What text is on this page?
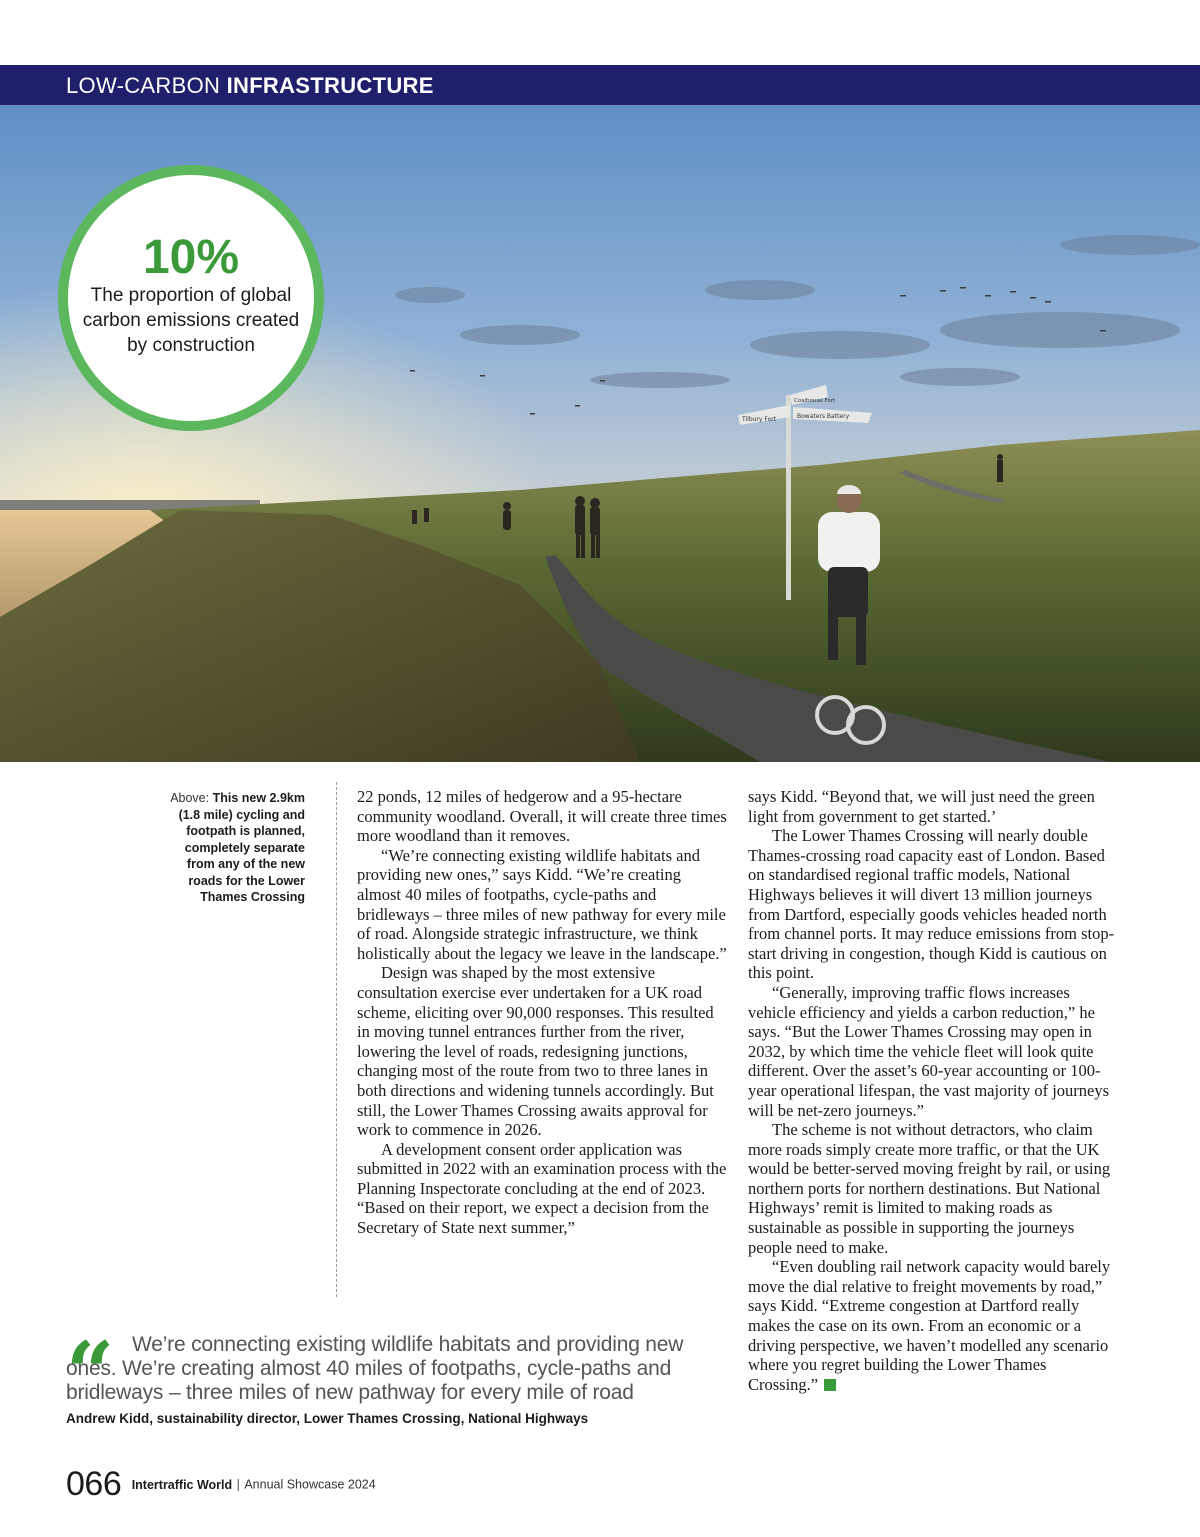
LOW-CARBON INFRASTRUCTURE
Tilbury Fort	Bowaters Battery
Coalhouse Fort
10%
The proportion of global carbon emissions created by construction
Above: This new 2.9km (1.8 mile) cycling and footpath is planned, completely separate from any of the new roads for the Lower Thames Crossing

22 ponds, 12 miles of hedgerow and a 95-hectare community woodland. Overall, it will create three times more woodland than it removes.

“We’re connecting existing wildlife habitats and providing new ones,” says Kidd. “We’re creating almost 40 miles of footpaths, cycle-paths and bridleways – three miles of new pathway for every mile of road. Alongside strategic infrastructure, we think holistically about the legacy we leave in the landscape.”

Design was shaped by the most extensive consultation exercise ever undertaken for a UK road scheme, eliciting over 90,000 responses. This resulted in moving tunnel entrances further from the river, lowering the level of roads, redesigning junctions, changing most of the route from two to three lanes in both directions and widening tunnels accordingly. But still, the Lower Thames Crossing awaits approval for work to commence in 2026.

A development consent order application was submitted in 2022 with an examination process with the Planning Inspectorate concluding at the end of 2023. “Based on their report, we expect a decision from the Secretary of State next summer,”

says Kidd. “Beyond that, we will just need the green light from government to get started.’

The Lower Thames Crossing will nearly double Thames-crossing road capacity east of London. Based on standardised regional traffic models, National Highways believes it will divert 13 million journeys from Dartford, especially goods vehicles headed north from channel ports. It may reduce emissions from stop-start driving in congestion, though Kidd is cautious on this point.

“Generally, improving traffic flows increases vehicle efficiency and yields a carbon reduction,” he says. “But the Lower Thames Crossing may open in 2032, by which time the vehicle fleet will look quite different. Over the asset’s 60-year accounting or 100-year operational lifespan, the vast majority of journeys will be net-zero journeys.”

The scheme is not without detractors, who claim more roads simply create more traffic, or that the UK would be better-served moving freight by rail, or using northern ports for northern destinations. But National Highways’ remit is limited to making roads as sustainable as possible in supporting the journeys people need to make.

“Even doubling rail network capacity would barely move the dial relative to freight movements by road,” says Kidd. “Extreme congestion at Dartford really makes the case on its own. From an economic or a driving perspective, we haven’t modelled any scenario where you regret building the Lower Thames Crossing.”

“ We’re connecting existing wildlife habitats and providing new ones. We’re creating almost 40 miles of footpaths, cycle-paths and bridleways – three miles of new pathway for every mile of road

Andrew Kidd, sustainability director, Lower Thames Crossing, National Highways
066 Intertraffic World | Annual Showcase 2024
